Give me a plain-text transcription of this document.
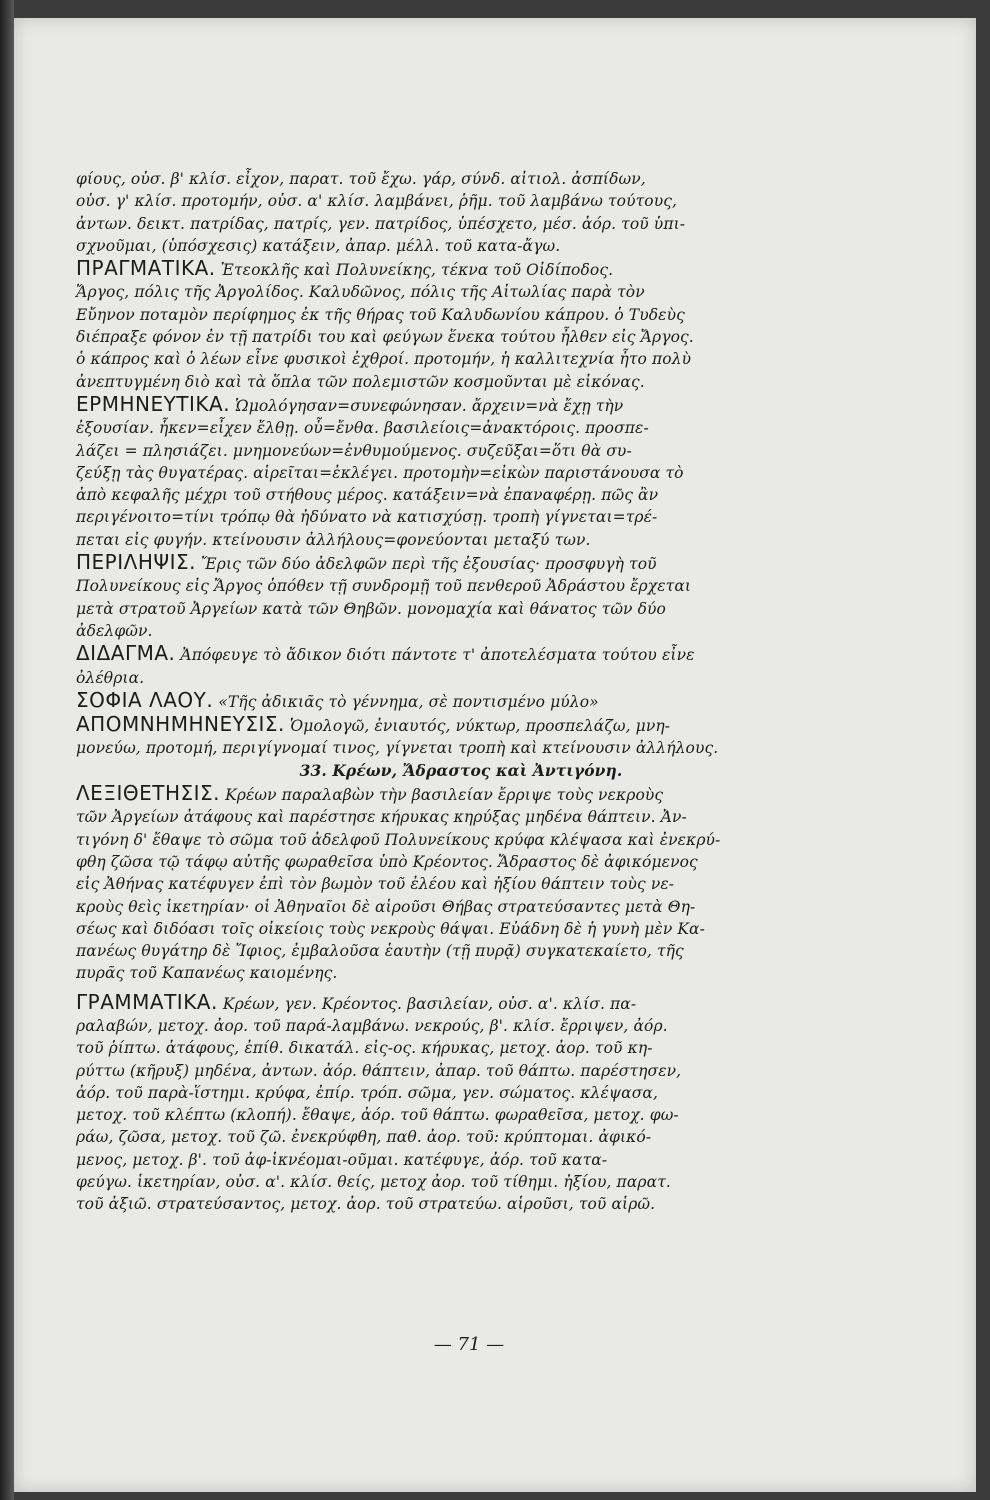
φίους, οὐσ. β' κλίσ. εἶχον, παρατ. τοῦ ἔχω. γάρ, σύνδ. αἰτιολ. ἀσπίδων,

οὐσ. γ' κλίσ. προτομήν, οὐσ. α' κλίσ. λαμβάνει, ῥῆμ. τοῦ λαμβάνω τούτους,

ἀντων. δεικτ. πατρίδας, πατρίς, γεν. πατρίδος, ὑπέσχετο, μέσ. ἀόρ. τοῦ ὑπι-

σχνοῦμαι, (ὑπόσχεσις) κατάξειν, ἀπαρ. μέλλ. τοῦ κατα-ἄγω.

ΠΡΑΓΜΑΤΙΚΑ. Ἐτεοκλῆς καὶ Πολυνείκης, τέκνα τοῦ Οἰδίποδος.

Ἄργος, πόλις τῆς Ἀργολίδος. Καλυδῶνος, πόλις τῆς Αἰτωλίας παρὰ τὸν

Εὔηνον ποταμὸν περίφημος ἐκ τῆς θήρας τοῦ Καλυδωνίου κάπρου. ὁ Τυδεὺς

διέπραξε φόνον ἐν τῇ πατρίδι του καὶ φεύγων ἕνεκα τούτου ἦλθεν εἰς Ἄργος.

ὁ κάπρος καὶ ὁ λέων εἶνε φυσικοὶ ἐχθροί. προτομήν, ἡ καλλιτεχνία ἦτο πολὺ

ἀνεπτυγμένη διὸ καὶ τὰ ὅπλα τῶν πολεμιστῶν κοσμοῦνται μὲ εἰκόνας.

ΕΡΜΗΝΕΥΤΙΚΑ. Ὡμολόγησαν=συνεφώνησαν. ἄρχειν=νὰ ἔχῃ τὴν

ἐξουσίαν. ἧκεν=εἶχεν ἔλθῃ. οὗ=ἔνθα. βασιλείοις=ἀνακτόροις. προσπε-

λάζει = πλησιάζει. μνημονεύων=ἐνθυμούμενος. συζεῦξαι=ὅτι θὰ συ-

ζεύξῃ τὰς θυγατέρας. αἱρεῖται=ἐκλέγει. προτομὴν=εἰκὼν παριστάνουσα τὸ

ἀπὸ κεφαλῆς μέχρι τοῦ στήθους μέρος. κατάξειν=νὰ ἐπαναφέρῃ. πῶς ἂν

περιγένοιτο=τίνι τρόπῳ θὰ ἠδύνατο νὰ κατισχύσῃ. τροπὴ γίγνεται=τρέ-

πεται εἰς φυγήν. κτείνουσιν ἀλλήλους=φονεύονται μεταξύ των.

ΠΕΡΙΛΗΨΙΣ. Ἔρις τῶν δύο ἀδελφῶν περὶ τῆς ἐξουσίας· προσφυγὴ τοῦ

Πολυνείκους εἰς Ἄργος ὁπόθεν τῇ συνδρομῇ τοῦ πενθεροῦ Ἀδράστου ἔρχεται

μετὰ στρατοῦ Ἀργείων κατὰ τῶν Θηβῶν. μονομαχία καὶ θάνατος τῶν δύο

ἀδελφῶν.

ΔΙΔΑΓΜΑ. Ἀπόφευγε τὸ ἄδικον διότι πάντοτε τ' ἀποτελέσματα τούτου εἶνε

ὀλέθρια.

ΣΟΦΙΑ ΛΑΟΥ. «Τῆς ἀδικιᾶς τὸ γέννημα, σὲ ποντισμένο μύλο»

ΑΠΟΜΝΗΜΗΝΕΥΣΙΣ. Ὁμολογῶ, ἐνιαυτός, νύκτωρ, προσπελάζω, μνη-

μονεύω, προτομή, περιγίγνομαί τινος, γίγνεται τροπὴ καὶ κτείνουσιν ἀλλήλους.

33. Κρέων, Ἄδραστος καὶ Ἀντιγόνη.

ΛΕΞΙΘΕΤΗΣΙΣ. Κρέων παραλαβὼν τὴν βασιλείαν ἔρριψε τοὺς νεκροὺς

τῶν Ἀργείων ἀτάφους καὶ παρέστησε κήρυκας κηρύξας μηδένα θάπτειν. Ἀν-

τιγόνη δ' ἔθαψε τὸ σῶμα τοῦ ἀδελφοῦ Πολυνείκους κρύφα κλέψασα καὶ ἐνεκρύ-

φθη ζῶσα τῷ τάφῳ αὐτῆς φωραθεῖσα ὑπὸ Κρέοντος. Ἄδραστος δὲ ἀφικόμενος

εἰς Ἀθήνας κατέφυγεν ἐπὶ τὸν βωμὸν τοῦ ἐλέου καὶ ἠξίου θάπτειν τοὺς νε-

κροὺς θεὶς ἱκετηρίαν· οἱ Ἀθηναῖοι δὲ αἱροῦσι Θήβας στρατεύσαντες μετὰ Θη-

σέως καὶ διδόασι τοῖς οἰκείοις τοὺς νεκροὺς θάψαι. Εὐάδνη δὲ ἡ γυνὴ μὲν Κα-

πανέως θυγάτηρ δὲ Ἴφιος, ἐμβαλοῦσα ἑαυτὴν (τῇ πυρᾷ) συγκατεκαίετο, τῆς

πυρᾶς τοῦ Καπανέως καιομένης.

ΓΡΑΜΜΑΤΙΚΑ. Κρέων, γεν. Κρέοντος. βασιλείαν, οὐσ. α'. κλίσ. πα-

ραλαβών, μετοχ. ἀορ. τοῦ παρά-λαμβάνω. νεκρούς, β'. κλίσ. ἔρριψεν, ἀόρ.

τοῦ ῥίπτω. ἀτάφους, ἐπίθ. δικατάλ. εἰς-ος. κήρυκας, μετοχ. ἀορ. τοῦ κη-

ρύττω (κῆρυξ) μηδένα, ἀντων. ἀόρ. θάπτειν, ἀπαρ. τοῦ θάπτω. παρέστησεν,

ἀόρ. τοῦ παρὰ-ἵστημι. κρύφα, ἐπίρ. τρόπ. σῶμα, γεν. σώματος. κλέψασα,

μετοχ. τοῦ κλέπτω (κλοπή). ἔθαψε, ἀόρ. τοῦ θάπτω. φωραθεῖσα, μετοχ. φω-

ράω, ζῶσα, μετοχ. τοῦ ζῶ. ἐνεκρύφθη, παθ. ἀορ. τοῦ: κρύπτομαι. ἀφικό-

μενος, μετοχ. β'. τοῦ ἀφ-ἱκνέομαι-οῦμαι. κατέφυγε, ἀόρ. τοῦ κατα-

φεύγω. ἱκετηρίαν, οὐσ. α'. κλίσ. θείς, μετοχ ἀορ. τοῦ τίθημι. ἠξίου, παρατ.

τοῦ ἀξιῶ. στρατεύσαντος, μετοχ. ἀορ. τοῦ στρατεύω. αἱροῦσι, τοῦ αἱρῶ.

— 71 —
